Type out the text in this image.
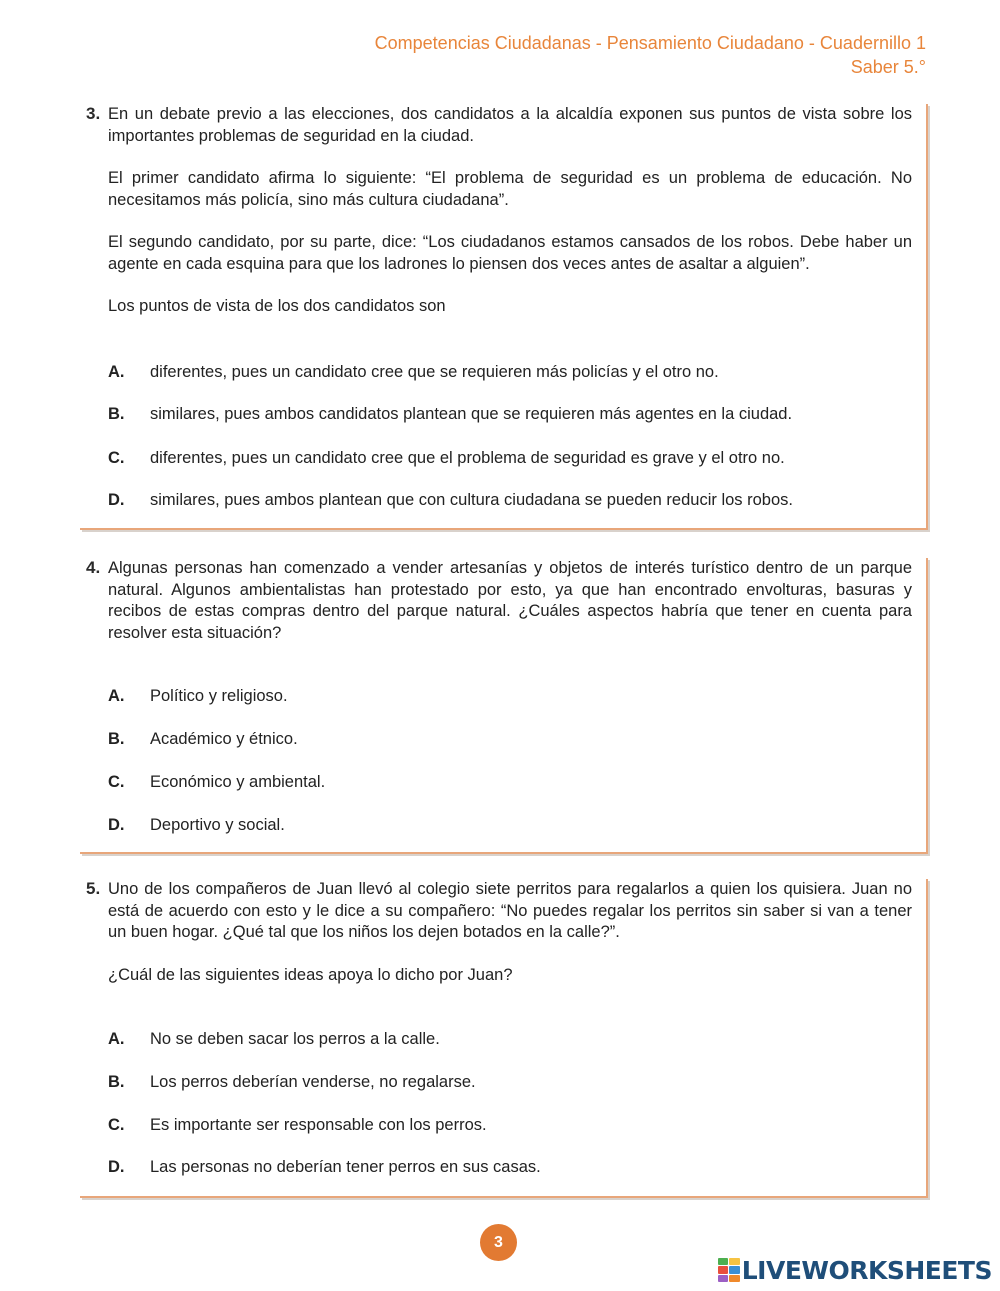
Competencias Ciudadanas - Pensamiento Ciudadano - Cuadernillo 1
Saber 5.°
3. En un debate previo a las elecciones, dos candidatos a la alcaldía exponen sus puntos de vista sobre los importantes problemas de seguridad en la ciudad.

El primer candidato afirma lo siguiente: “El problema de seguridad es un problema de educación. No necesitamos más policía, sino más cultura ciudadana”.

El segundo candidato, por su parte, dice: “Los ciudadanos estamos cansados de los robos. Debe haber un agente en cada esquina para que los ladrones lo piensen dos veces antes de asaltar a alguien”.

Los puntos de vista de los dos candidatos son

A. diferentes, pues un candidato cree que se requieren más policías y el otro no.
B. similares, pues ambos candidatos plantean que se requieren más agentes en la ciudad.
C. diferentes, pues un candidato cree que el problema de seguridad es grave y el otro no.
D. similares, pues ambos plantean que con cultura ciudadana se pueden reducir los robos.
4. Algunas personas han comenzado a vender artesanías y objetos de interés turístico dentro de un parque natural. Algunos ambientalistas han protestado por esto, ya que han encontrado envolturas, basuras y recibos de estas compras dentro del parque natural. ¿Cuáles aspectos habría que tener en cuenta para resolver esta situación?

A. Político y religioso.
B. Académico y étnico.
C. Económico y ambiental.
D. Deportivo y social.
5. Uno de los compañeros de Juan llevó al colegio siete perritos para regalarlos a quien los quisiera. Juan no está de acuerdo con esto y le dice a su compañero: “No puedes regalar los perritos sin saber si van a tener un buen hogar. ¿Qué tal que los niños los dejen botados en la calle?”.

¿Cuál de las siguientes ideas apoya lo dicho por Juan?

A. No se deben sacar los perros a la calle.
B. Los perros deberían venderse, no regalarse.
C. Es importante ser responsable con los perros.
D. Las personas no deberían tener perros en sus casas.
3
LIVEWORKSHEETS
